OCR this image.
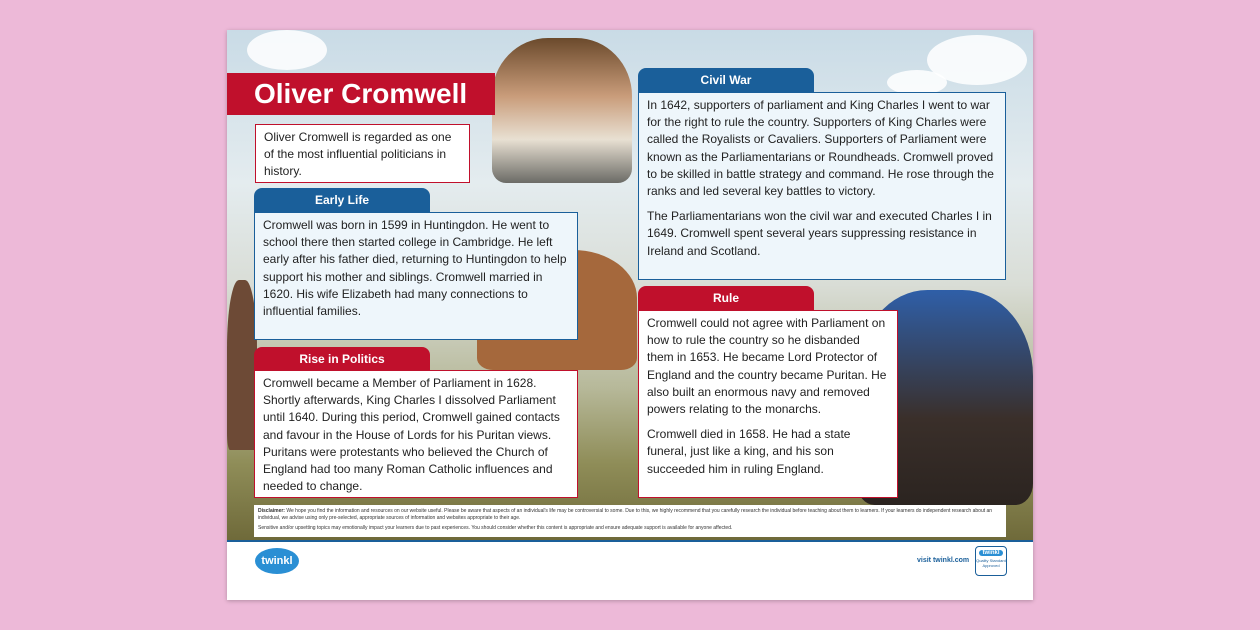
Oliver Cromwell
Oliver Cromwell is regarded as one of the most influential politicians in history.
Early Life
Cromwell was born in 1599 in Huntingdon. He went to school there then started college in Cambridge. He left early after his father died, returning to Huntingdon to help support his mother and siblings. Cromwell married in 1620. His wife Elizabeth had many connections to influential families.
Rise in Politics
Cromwell became a Member of Parliament in 1628. Shortly afterwards, King Charles I dissolved Parliament until 1640. During this period, Cromwell gained contacts and favour in the House of Lords for his Puritan views. Puritans were protestants who believed the Church of England had too many Roman Catholic influences and needed to change.
Civil War

In 1642, supporters of parliament and King Charles I went to war for the right to rule the country. Supporters of King Charles were called the Royalists or Cavaliers. Supporters of Parliament were known as the Parliamentarians or Roundheads. Cromwell proved to be skilled in battle strategy and command. He rose through the ranks and led several key battles to victory.

The Parliamentarians won the civil war and executed Charles I in 1649. Cromwell spent several years suppressing resistance in Ireland and Scotland.

Rule

Cromwell could not agree with Parliament on how to rule the country so he disbanded them in 1653. He became Lord Protector of England and the country became Puritan. He also built an enormous navy and removed powers relating to the monarchs.

Cromwell died in 1658. He had a state funeral, just like a king, and his son succeeded him in ruling England.

Disclaimer: We hope you find the information and resources on our website useful. Please be aware that aspects of an individual's life may be controversial to some. Due to this, we highly recommend that you carefully research the individual before teaching about them to learners. If your learners do independent research about an individual, we advise using only pre-selected, appropriate sources of information and websites appropriate to their age.

Sensitive and/or upsetting topics may emotionally impact your learners due to past experiences. You should consider whether this content is appropriate and ensure adequate support is available for anyone affected.

twinkl	visit twinkl.com
twinkl
Quality Standard Approved
